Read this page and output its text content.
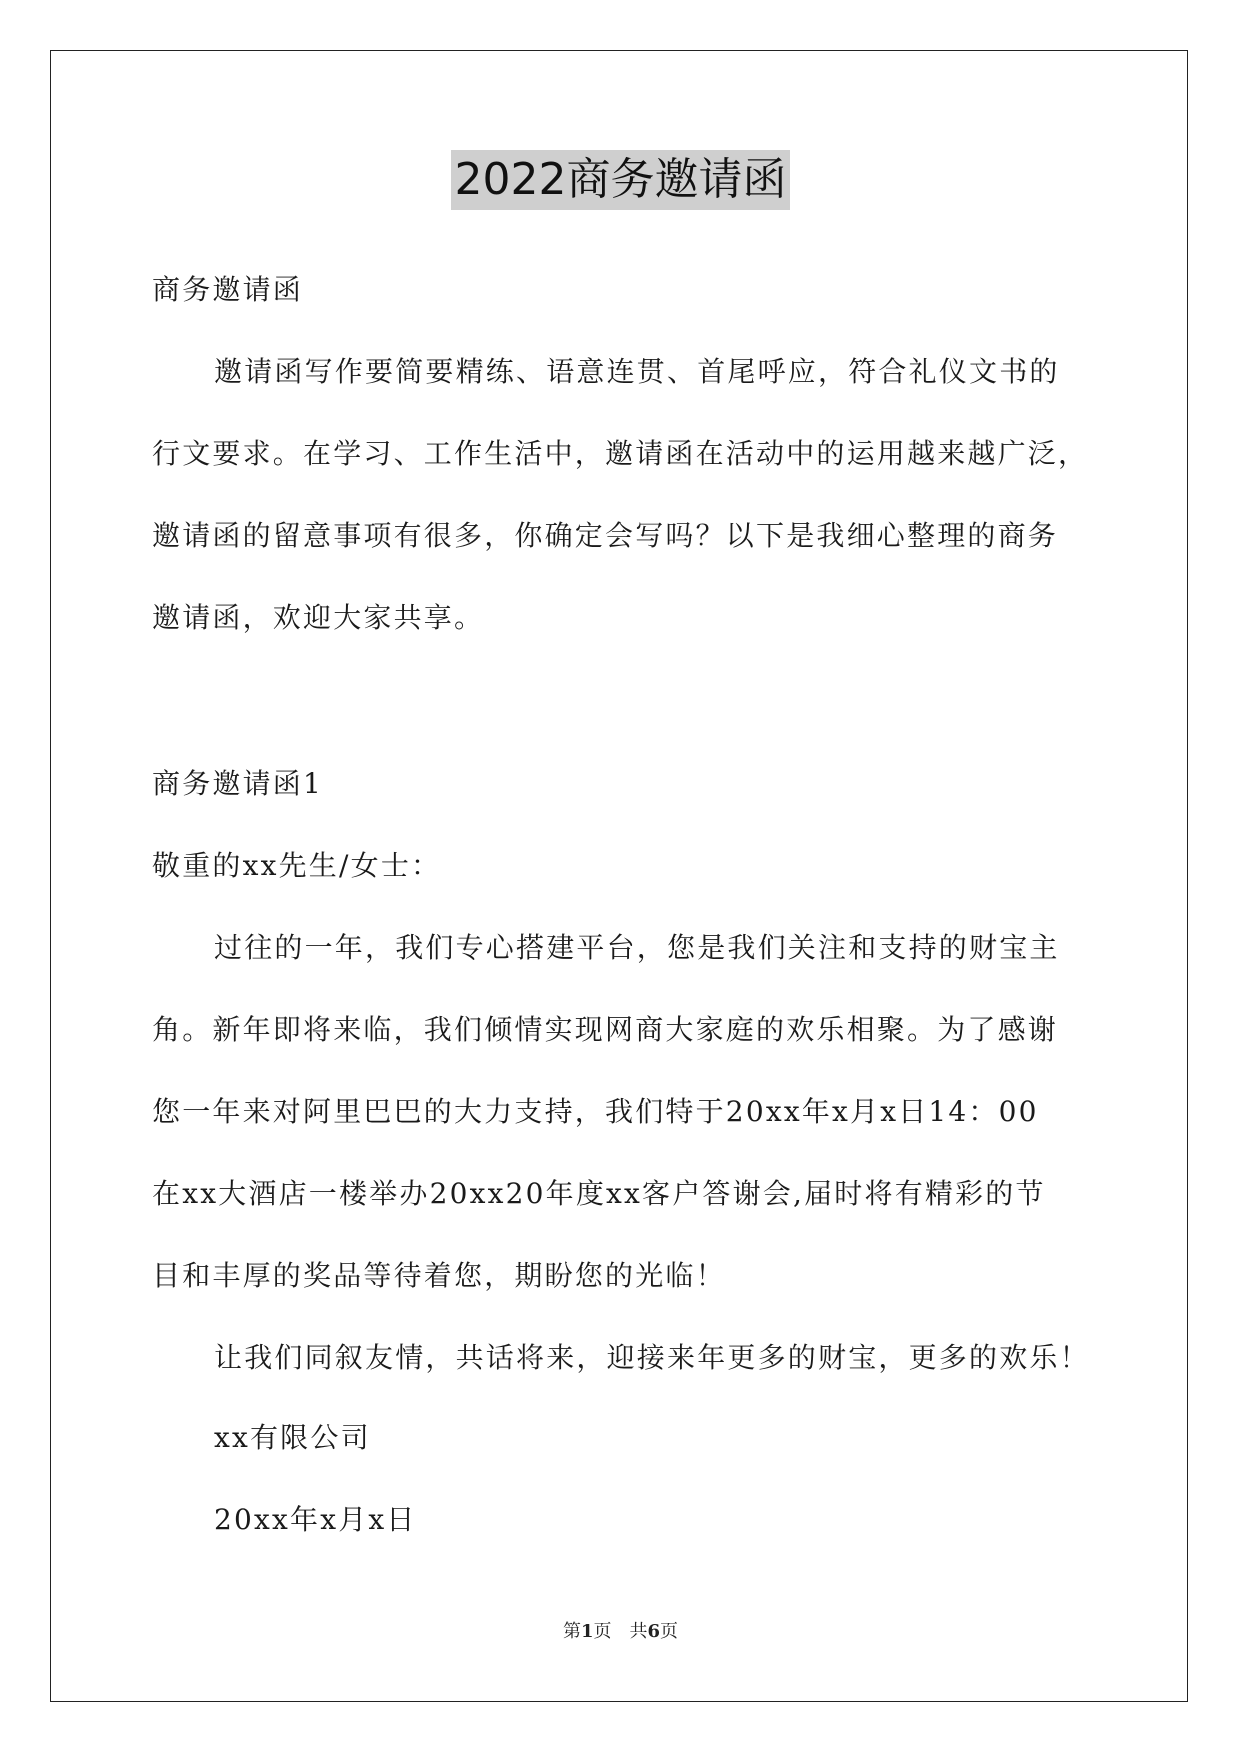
2022商务邀请函
商务邀请函
邀请函写作要简要精练、语意连贯、首尾呼应，符合礼仪文书的
行文要求。在学习、工作生活中，邀请函在活动中的运用越来越广泛，
邀请函的留意事项有很多，你确定会写吗？以下是我细心整理的商务
邀请函，欢迎大家共享。
商务邀请函1
敬重的xx先生/女士：
过往的一年，我们专心搭建平台，您是我们关注和支持的财宝主
角。新年即将来临，我们倾情实现网商大家庭的欢乐相聚。为了感谢
您一年来对阿里巴巴的大力支持，我们特于20xx年x月x日14：00
在xx大酒店一楼举办20xx20年度xx客户答谢会,届时将有精彩的节
目和丰厚的奖品等待着您，期盼您的光临！
让我们同叙友情，共话将来，迎接来年更多的财宝，更多的欢乐！
xx有限公司
20xx年x月x日
第1页　共6页
